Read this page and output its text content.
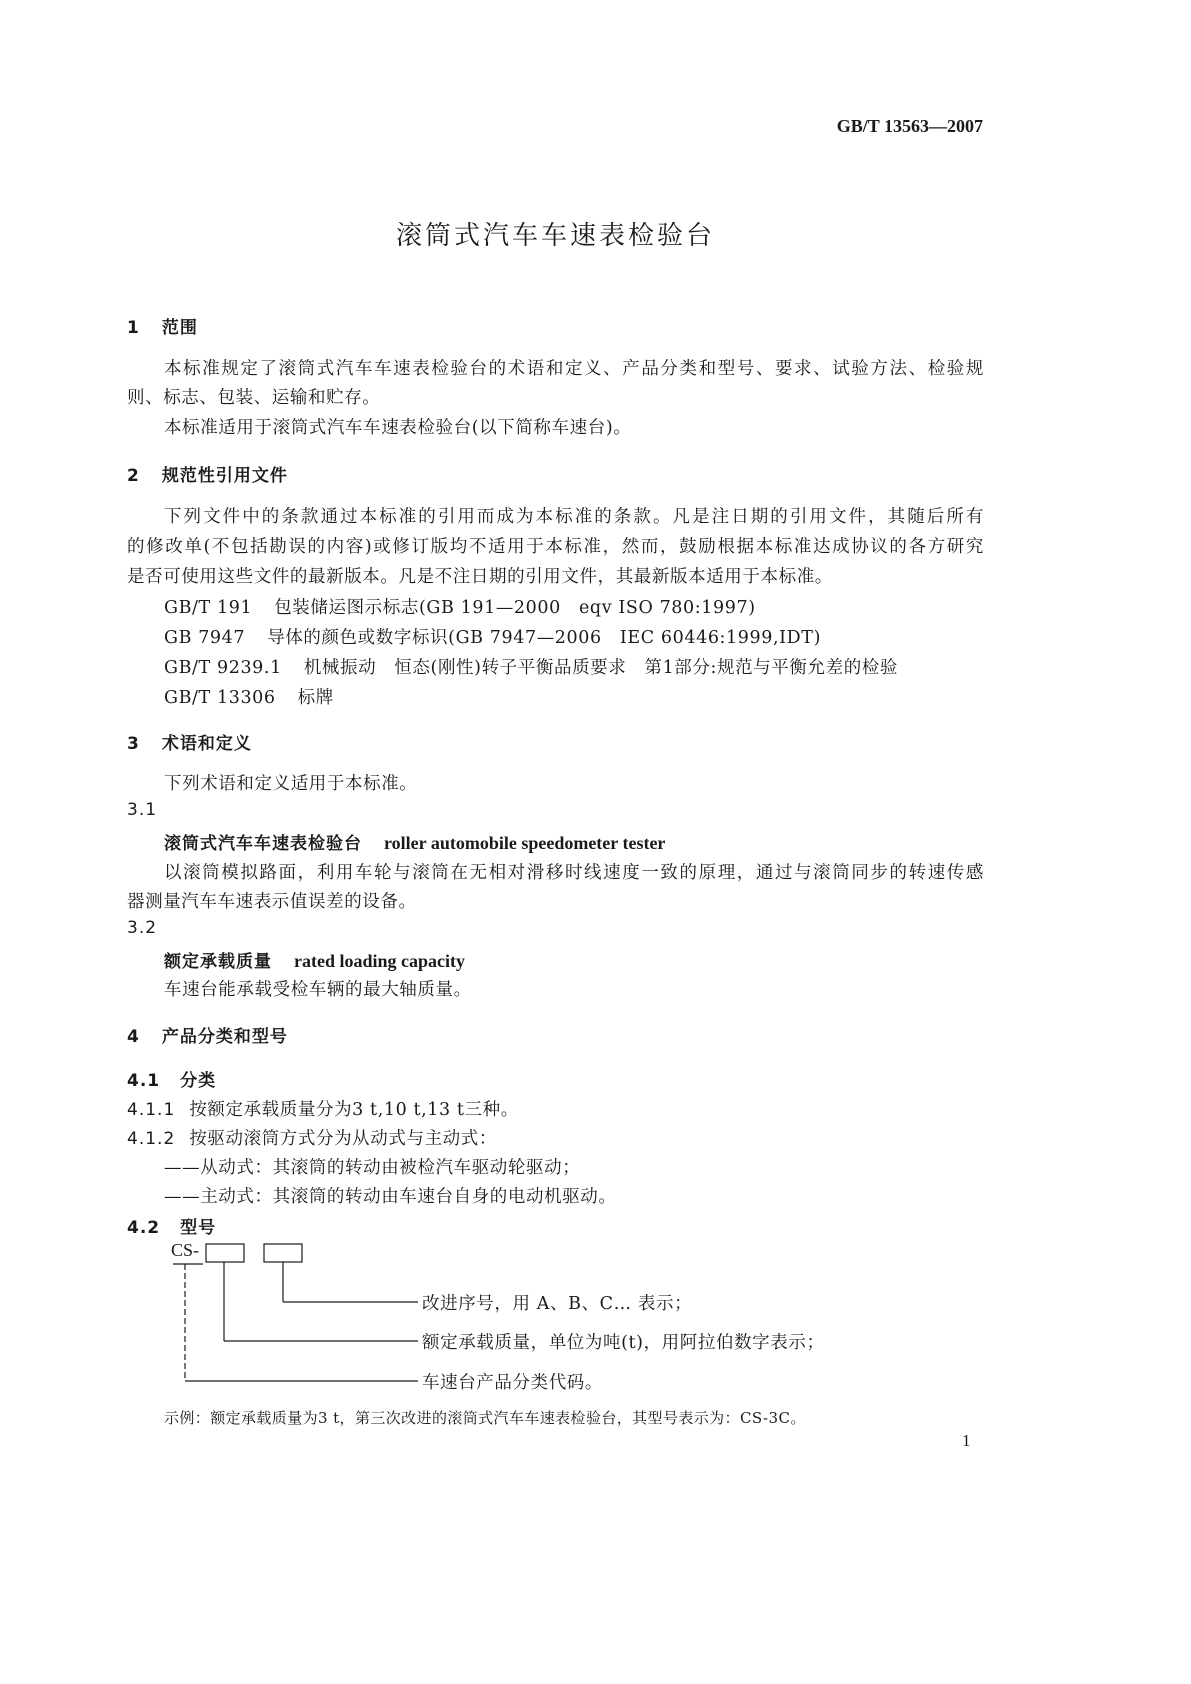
GB/T 13563—2007
滚筒式汽车车速表检验台
1 范围
本标准规定了滚筒式汽车车速表检验台的术语和定义、产品分类和型号、要求、试验方法、检验规
则、标志、包装、运输和贮存。
本标准适用于滚筒式汽车车速表检验台(以下简称车速台)。
2 规范性引用文件
下列文件中的条款通过本标准的引用而成为本标准的条款。凡是注日期的引用文件，其随后所有
的修改单(不包括勘误的内容)或修订版均不适用于本标准，然而，鼓励根据本标准达成协议的各方研究
是否可使用这些文件的最新版本。凡是不注日期的引用文件，其最新版本适用于本标准。
GB/T 191 包装储运图示标志(GB 191—2000　eqv ISO 780:1997)
GB 7947 导体的颜色或数字标识(GB 7947—2006　IEC 60446:1999,IDT)
GB/T 9239.1 机械振动　恒态(刚性)转子平衡品质要求　第1部分:规范与平衡允差的检验
GB/T 13306 标牌
3 术语和定义
下列术语和定义适用于本标准。
3.1
滚筒式汽车车速表检验台 roller automobile speedometer tester
以滚筒模拟路面，利用车轮与滚筒在无相对滑移时线速度一致的原理，通过与滚筒同步的转速传感
器测量汽车车速表示值误差的设备。
3.2
额定承载质量 rated loading capacity
车速台能承载受检车辆的最大轴质量。
4 产品分类和型号
4.1 分类
4.1.1 按额定承载质量分为3 t,10 t,13 t三种。
4.1.2 按驱动滚筒方式分为从动式与主动式：
——从动式：其滚筒的转动由被检汽车驱动轮驱动；
——主动式：其滚筒的转动由车速台自身的电动机驱动。
4.2 型号
CS-
改进序号，用 A、B、C… 表示；
额定承载质量，单位为吨(t)，用阿拉伯数字表示；
车速台产品分类代码。
示例：额定承载质量为3 t，第三次改进的滚筒式汽车车速表检验台，其型号表示为：CS-3C。
1
